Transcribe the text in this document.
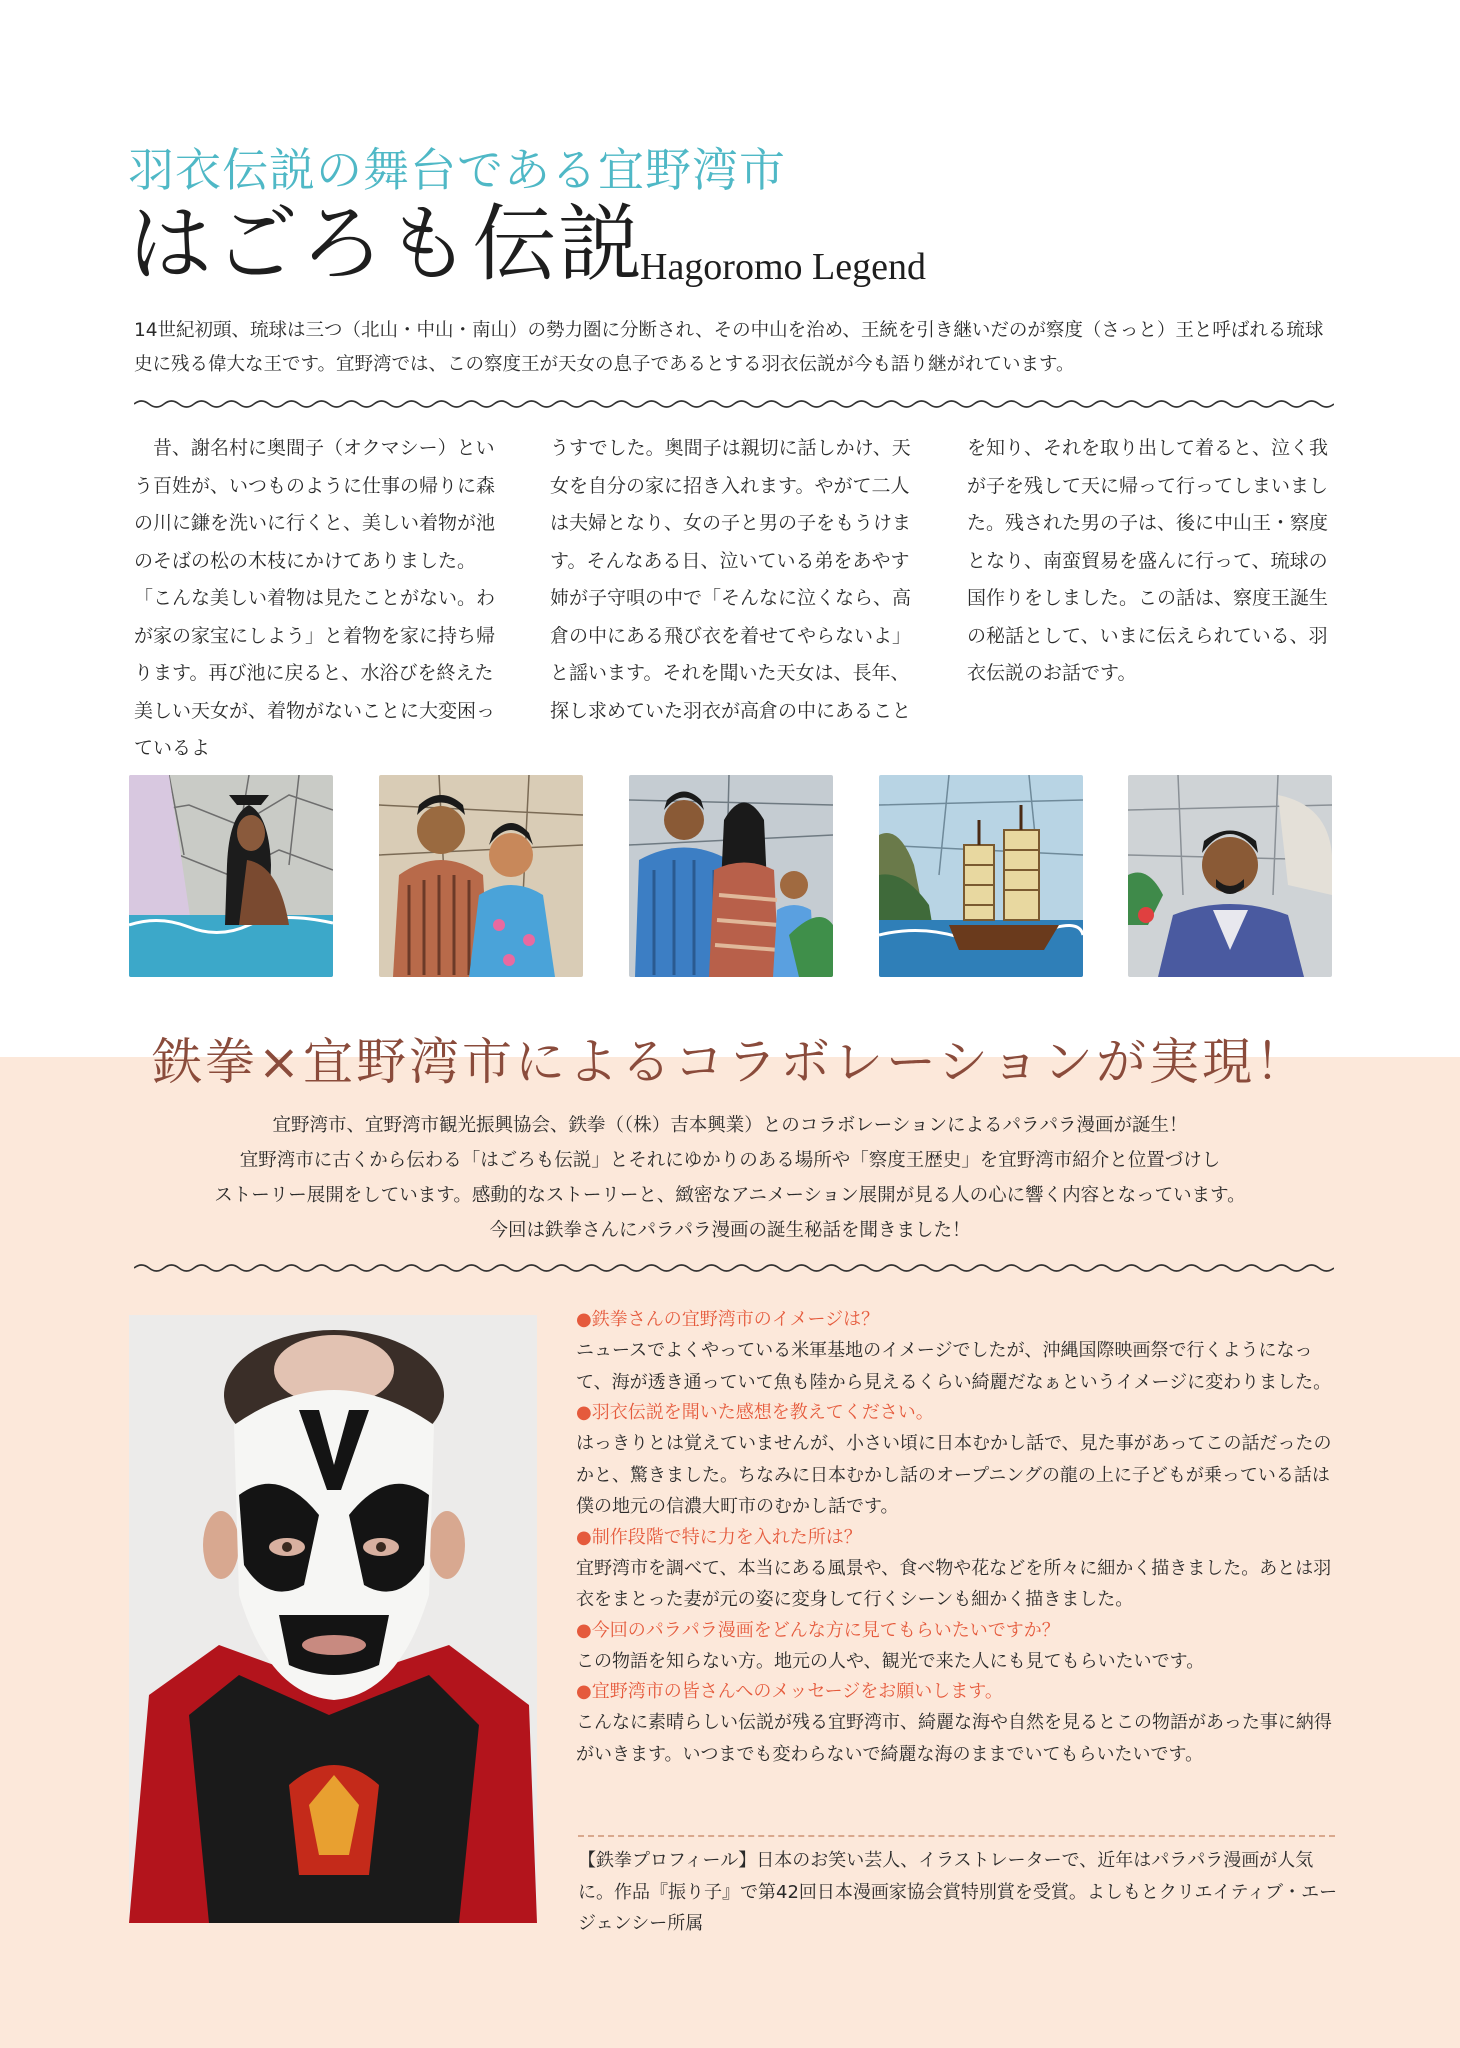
羽衣伝説の舞台である宜野湾市
はごろも伝説
Hagoromo Legend
14世紀初頭、琉球は三つ（北山・中山・南山）の勢力圏に分断され、その中山を治め、王統を引き継いだのが察度（さっと）王と呼ばれる琉球史に残る偉大な王です。宜野湾では、この察度王が天女の息子であるとする羽衣伝説が今も語り継がれています。
　昔、謝名村に奥間子（オクマシー）という百姓が、いつものように仕事の帰りに森の川に鎌を洗いに行くと、美しい着物が池のそばの松の木枝にかけてありました。「こんな美しい着物は見たことがない。わが家の家宝にしよう」と着物を家に持ち帰ります。再び池に戻ると、水浴びを終えた美しい天女が、着物がないことに大変困っているよ
うすでした。奥間子は親切に話しかけ、天女を自分の家に招き入れます。やがて二人は夫婦となり、女の子と男の子をもうけます。そんなある日、泣いている弟をあやす姉が子守唄の中で「そんなに泣くなら、高倉の中にある飛び衣を着せてやらないよ」と謡います。それを聞いた天女は、長年、探し求めていた羽衣が高倉の中にあること
を知り、それを取り出して着ると、泣く我が子を残して天に帰って行ってしまいました。残された男の子は、後に中山王・察度となり、南蛮貿易を盛んに行って、琉球の国作りをしました。この話は、察度王誕生の秘話として、いまに伝えられている、羽衣伝説のお話です。
鉄拳×宜野湾市によるコラボレーションが実現！
宜野湾市、宜野湾市観光振興協会、鉄拳（（株）吉本興業）とのコラボレーションによるパラパラ漫画が誕生！
宜野湾市に古くから伝わる「はごろも伝説」とそれにゆかりのある場所や「察度王歴史」を宜野湾市紹介と位置づけし
ストーリー展開をしています。感動的なストーリーと、緻密なアニメーション展開が見る人の心に響く内容となっています。
今回は鉄拳さんにパラパラ漫画の誕生秘話を聞きました！
●鉄拳さんの宜野湾市のイメージは？
ニュースでよくやっている米軍基地のイメージでしたが、沖縄国際映画祭で行くようになって、海が透き通っていて魚も陸から見えるくらい綺麗だなぁというイメージに変わりました。
●羽衣伝説を聞いた感想を教えてください。
はっきりとは覚えていませんが、小さい頃に日本むかし話で、見た事があってこの話だったのかと、驚きました。ちなみに日本むかし話のオープニングの龍の上に子どもが乗っている話は僕の地元の信濃大町市のむかし話です。
●制作段階で特に力を入れた所は？
宜野湾市を調べて、本当にある風景や、食べ物や花などを所々に細かく描きました。あとは羽衣をまとった妻が元の姿に変身して行くシーンも細かく描きました。
●今回のパラパラ漫画をどんな方に見てもらいたいですか？
この物語を知らない方。地元の人や、観光で来た人にも見てもらいたいです。
●宜野湾市の皆さんへのメッセージをお願いします。
こんなに素晴らしい伝説が残る宜野湾市、綺麗な海や自然を見るとこの物語があった事に納得がいきます。いつまでも変わらないで綺麗な海のままでいてもらいたいです。
【鉄拳プロフィール】日本のお笑い芸人、イラストレーターで、近年はパラパラ漫画が人気に。作品『振り子』で第42回日本漫画家協会賞特別賞を受賞。よしもとクリエイティブ・エージェンシー所属
